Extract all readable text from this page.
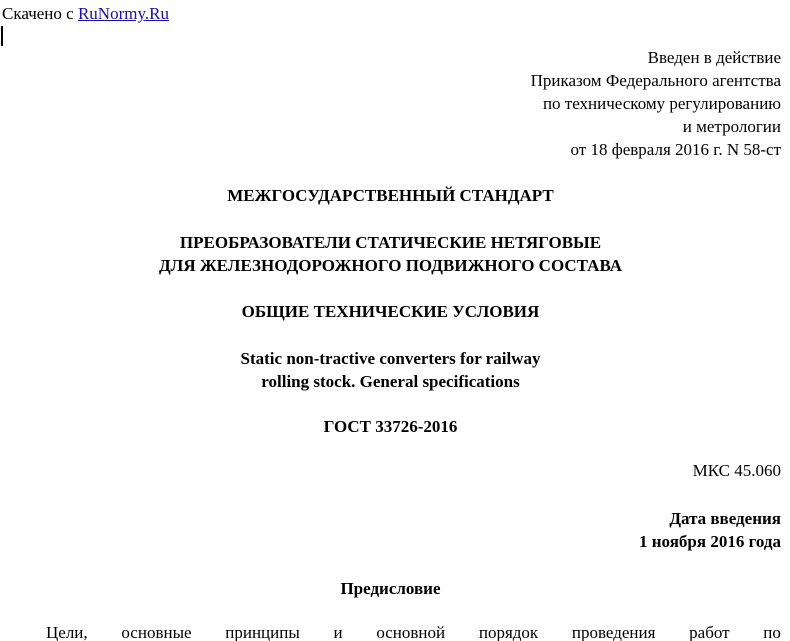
Скачено с RuNormy.Ru
Введен в действие
Приказом Федерального агентства
по техническому регулированию
и метрологии
от 18 февраля 2016 г. N 58-ст
МЕЖГОСУДАРСТВЕННЫЙ СТАНДАРТ
ПРЕОБРАЗОВАТЕЛИ СТАТИЧЕСКИЕ НЕТЯГОВЫЕ
ДЛЯ ЖЕЛЕЗНОДОРОЖНОГО ПОДВИЖНОГО СОСТАВА
ОБЩИЕ ТЕХНИЧЕСКИЕ УСЛОВИЯ
Static non-tractive converters for railway
rolling stock. General specifications
ГОСТ 33726-2016
МКС 45.060
Дата введения
1 ноября 2016 года
Предисловие
Цели, основные принципы и основной порядок проведения работ по
